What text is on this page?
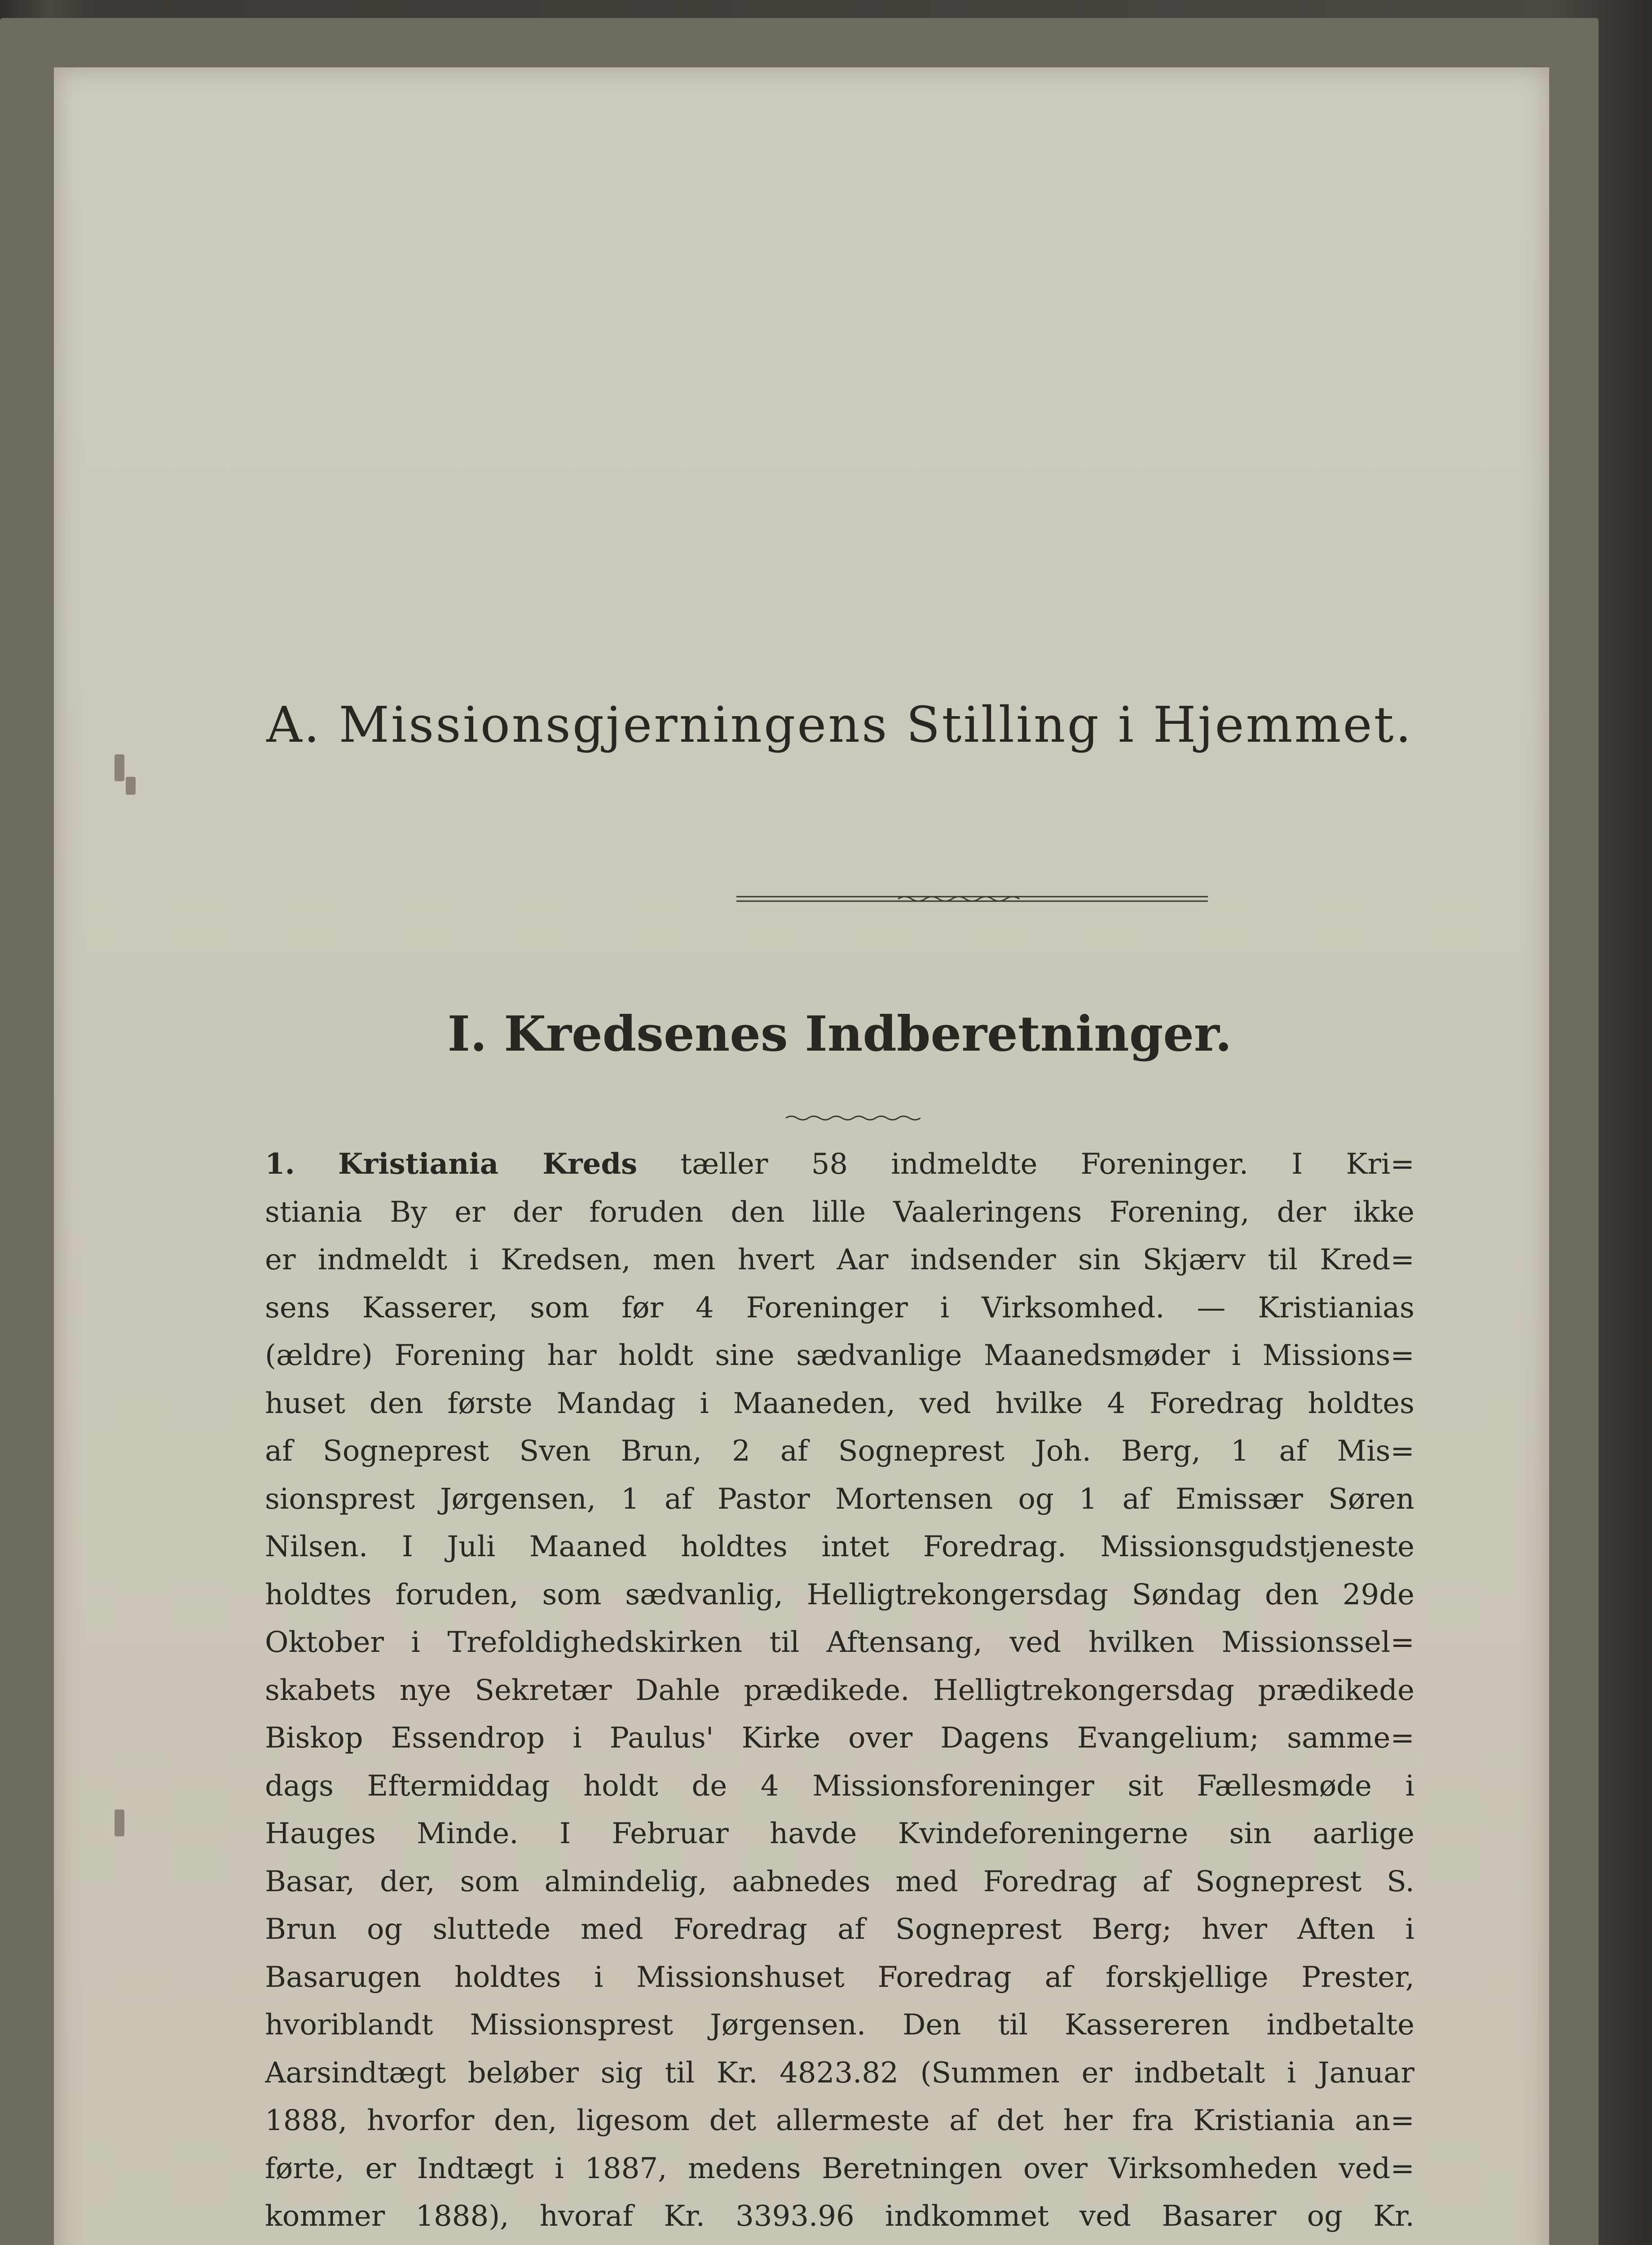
A. Missionsgjerningens Stilling i Hjemmet.
I. Kredsenes Indberetninger.
1. Kristiania Kreds tæller 58 indmeldte Foreninger. I Kri=
stiania By er der foruden den lille Vaaleringens Forening, der ikke
er indmeldt i Kredsen, men hvert Aar indsender sin Skjærv til Kred=
sens Kasserer, som før 4 Foreninger i Virksomhed. — Kristianias
(ældre) Forening har holdt sine sædvanlige Maanedsmøder i Missions=
huset den første Mandag i Maaneden, ved hvilke 4 Foredrag holdtes
af Sogneprest Sven Brun, 2 af Sogneprest Joh. Berg, 1 af Mis=
sionsprest Jørgensen, 1 af Pastor Mortensen og 1 af Emissær Søren
Nilsen. I Juli Maaned holdtes intet Foredrag. Missionsgudstjeneste
holdtes foruden, som sædvanlig, Helligtrekongersdag Søndag den 29de
Oktober i Trefoldighedskirken til Aftensang, ved hvilken Missionssel=
skabets nye Sekretær Dahle prædikede. Helligtrekongersdag prædikede
Biskop Essendrop i Paulus' Kirke over Dagens Evangelium; samme=
dags Eftermiddag holdt de 4 Missionsforeninger sit Fællesmøde i
Hauges Minde. I Februar havde Kvindeforeningerne sin aarlige
Basar, der, som almindelig, aabnedes med Foredrag af Sogneprest S.
Brun og sluttede med Foredrag af Sogneprest Berg; hver Aften i
Basarugen holdtes i Missionshuset Foredrag af forskjellige Prester,
hvoriblandt Missionsprest Jørgensen. Den til Kassereren indbetalte
Aarsindtægt beløber sig til Kr. 4823.82 (Summen er indbetalt i Januar
1888, hvorfor den, ligesom det allermeste af det her fra Kristiania an=
førte, er Indtægt i 1887, medens Beretningen over Virksomheden ved=
kommer 1888), hvoraf Kr. 3393.96 indkommet ved Basarer og Kr.
